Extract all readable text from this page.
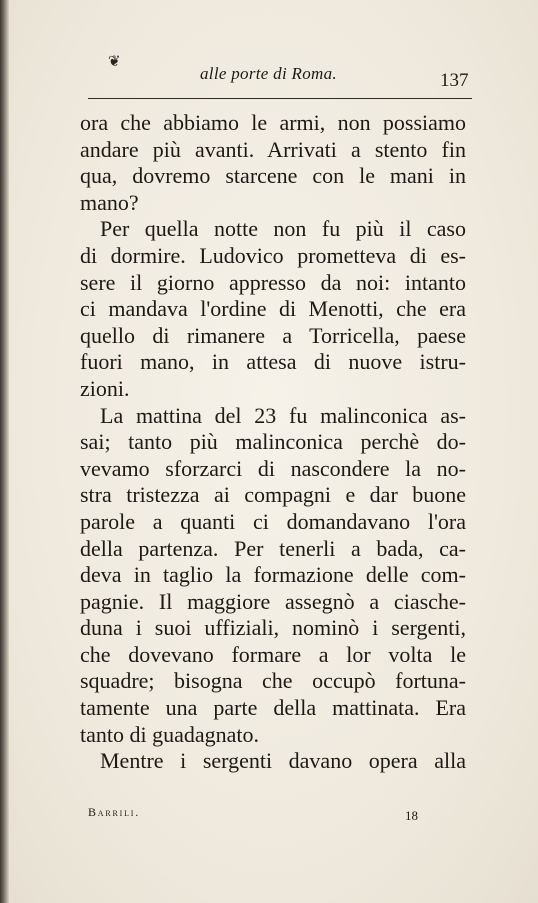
❦
alle porte di Roma.	137
ora che abbiamo le armi, non possiamo
andare più avanti. Arrivati a stento fin
qua, dovremo starcene con le mani in
mano?
Per quella notte non fu più il caso
di dormire. Ludovico prometteva di es-
sere il giorno appresso da noi: intanto
ci mandava l'ordine di Menotti, che era
quello di rimanere a Torricella, paese
fuori mano, in attesa di nuove istru-
zioni.
La mattina del 23 fu malinconica as-
sai; tanto più malinconica perchè do-
vevamo sforzarci di nascondere la no-
stra tristezza ai compagni e dar buone
parole a quanti ci domandavano l'ora
della partenza. Per tenerli a bada, ca-
deva in taglio la formazione delle com-
pagnie. Il maggiore assegnò a ciasche-
duna i suoi uffiziali, nominò i sergenti,
che dovevano formare a lor volta le
squadre; bisogna che occupò fortuna-
tamente una parte della mattinata. Era
tanto di guadagnato.
Mentre i sergenti davano opera alla
Barrili.	18
